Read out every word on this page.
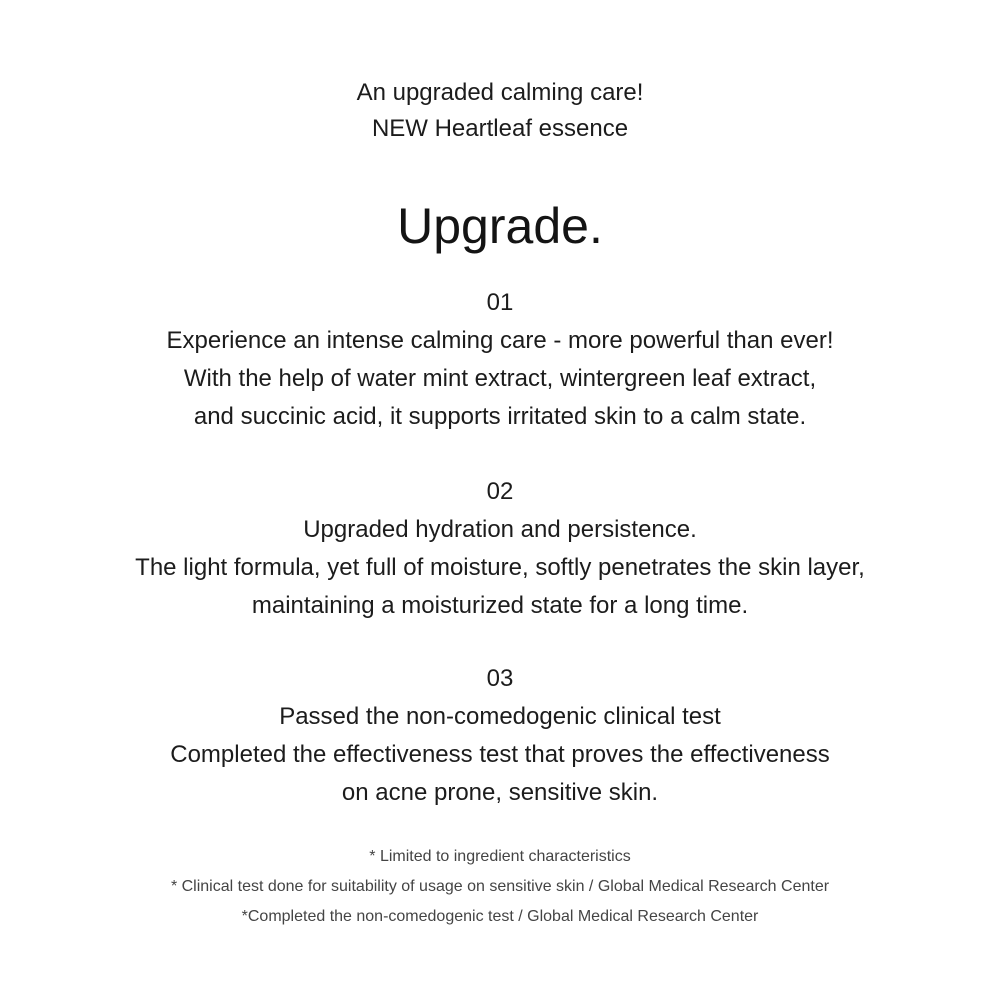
An upgraded calming care!
NEW Heartleaf essence
Upgrade.
01
Experience an intense calming care - more powerful than ever!
With the help of water mint extract, wintergreen leaf extract,
and succinic acid, it supports irritated skin to a calm state.
02
Upgraded hydration and persistence.
The light formula, yet full of moisture, softly penetrates the skin layer,
maintaining a moisturized state for a long time.
03
Passed the non-comedogenic clinical test
Completed the effectiveness test that proves the effectiveness
on acne prone, sensitive skin.
* Limited to ingredient characteristics
* Clinical test done for suitability of usage on sensitive skin / Global Medical Research Center
*Completed the non-comedogenic test / Global Medical Research Center
